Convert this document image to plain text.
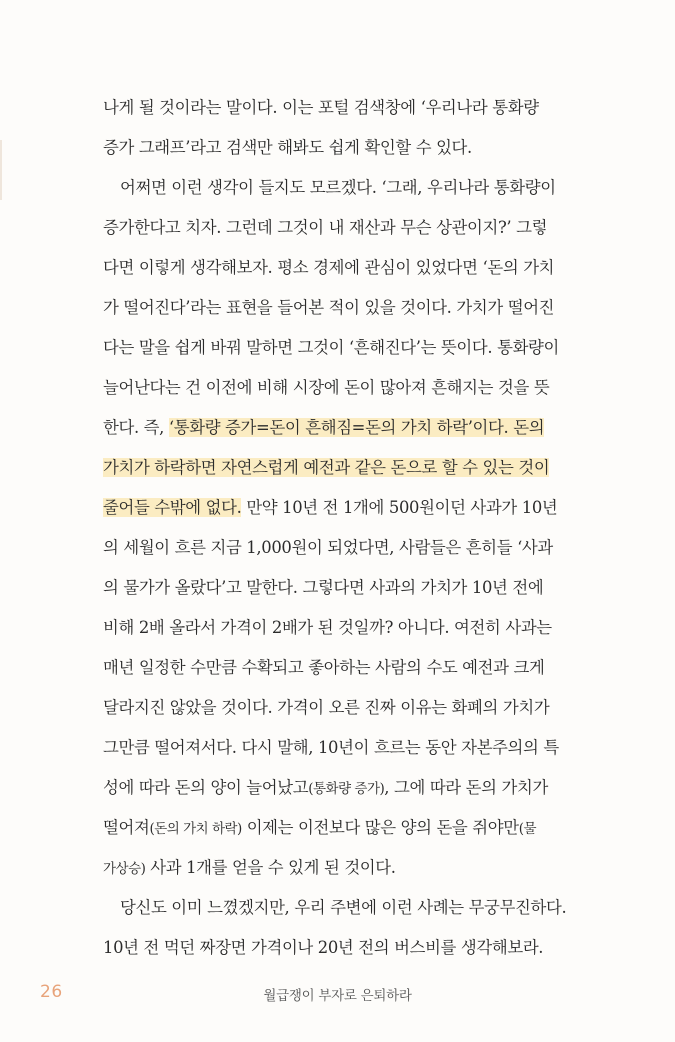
나게 될 것이라는 말이다. 이는 포털 검색창에 ‘우리나라 통화량
증가 그래프’라고 검색만 해봐도 쉽게 확인할 수 있다.
어쩌면 이런 생각이 들지도 모르겠다. ‘그래, 우리나라 통화량이
증가한다고 치자. 그런데 그것이 내 재산과 무슨 상관이지?’ 그렇
다면 이렇게 생각해보자. 평소 경제에 관심이 있었다면 ‘돈의 가치
가 떨어진다’라는 표현을 들어본 적이 있을 것이다. 가치가 떨어진
다는 말을 쉽게 바꿔 말하면 그것이 ‘흔해진다’는 뜻이다. 통화량이
늘어난다는 건 이전에 비해 시장에 돈이 많아져 흔해지는 것을 뜻
한다. 즉, ‘통화량 증가=돈이 흔해짐=돈의 가치 하락’이다. 돈의
가치가 하락하면 자연스럽게 예전과 같은 돈으로 할 수 있는 것이
줄어들 수밖에 없다. 만약 10년 전 1개에 500원이던 사과가 10년
의 세월이 흐른 지금 1,000원이 되었다면, 사람들은 흔히들 ‘사과
의 물가가 올랐다’고 말한다. 그렇다면 사과의 가치가 10년 전에
비해 2배 올라서 가격이 2배가 된 것일까? 아니다. 여전히 사과는
매년 일정한 수만큼 수확되고 좋아하는 사람의 수도 예전과 크게
달라지진 않았을 것이다. 가격이 오른 진짜 이유는 화폐의 가치가
그만큼 떨어져서다. 다시 말해, 10년이 흐르는 동안 자본주의의 특
성에 따라 돈의 양이 늘어났고(통화량 증가), 그에 따라 돈의 가치가
떨어져(돈의 가치 하락) 이제는 이전보다 많은 양의 돈을 쥐야만(물
가상승) 사과 1개를 얻을 수 있게 된 것이다.
당신도 이미 느꼈겠지만, 우리 주변에 이런 사례는 무궁무진하다.
10년 전 먹던 짜장면 가격이나 20년 전의 버스비를 생각해보라.
26	월급쟁이 부자로 은퇴하라
